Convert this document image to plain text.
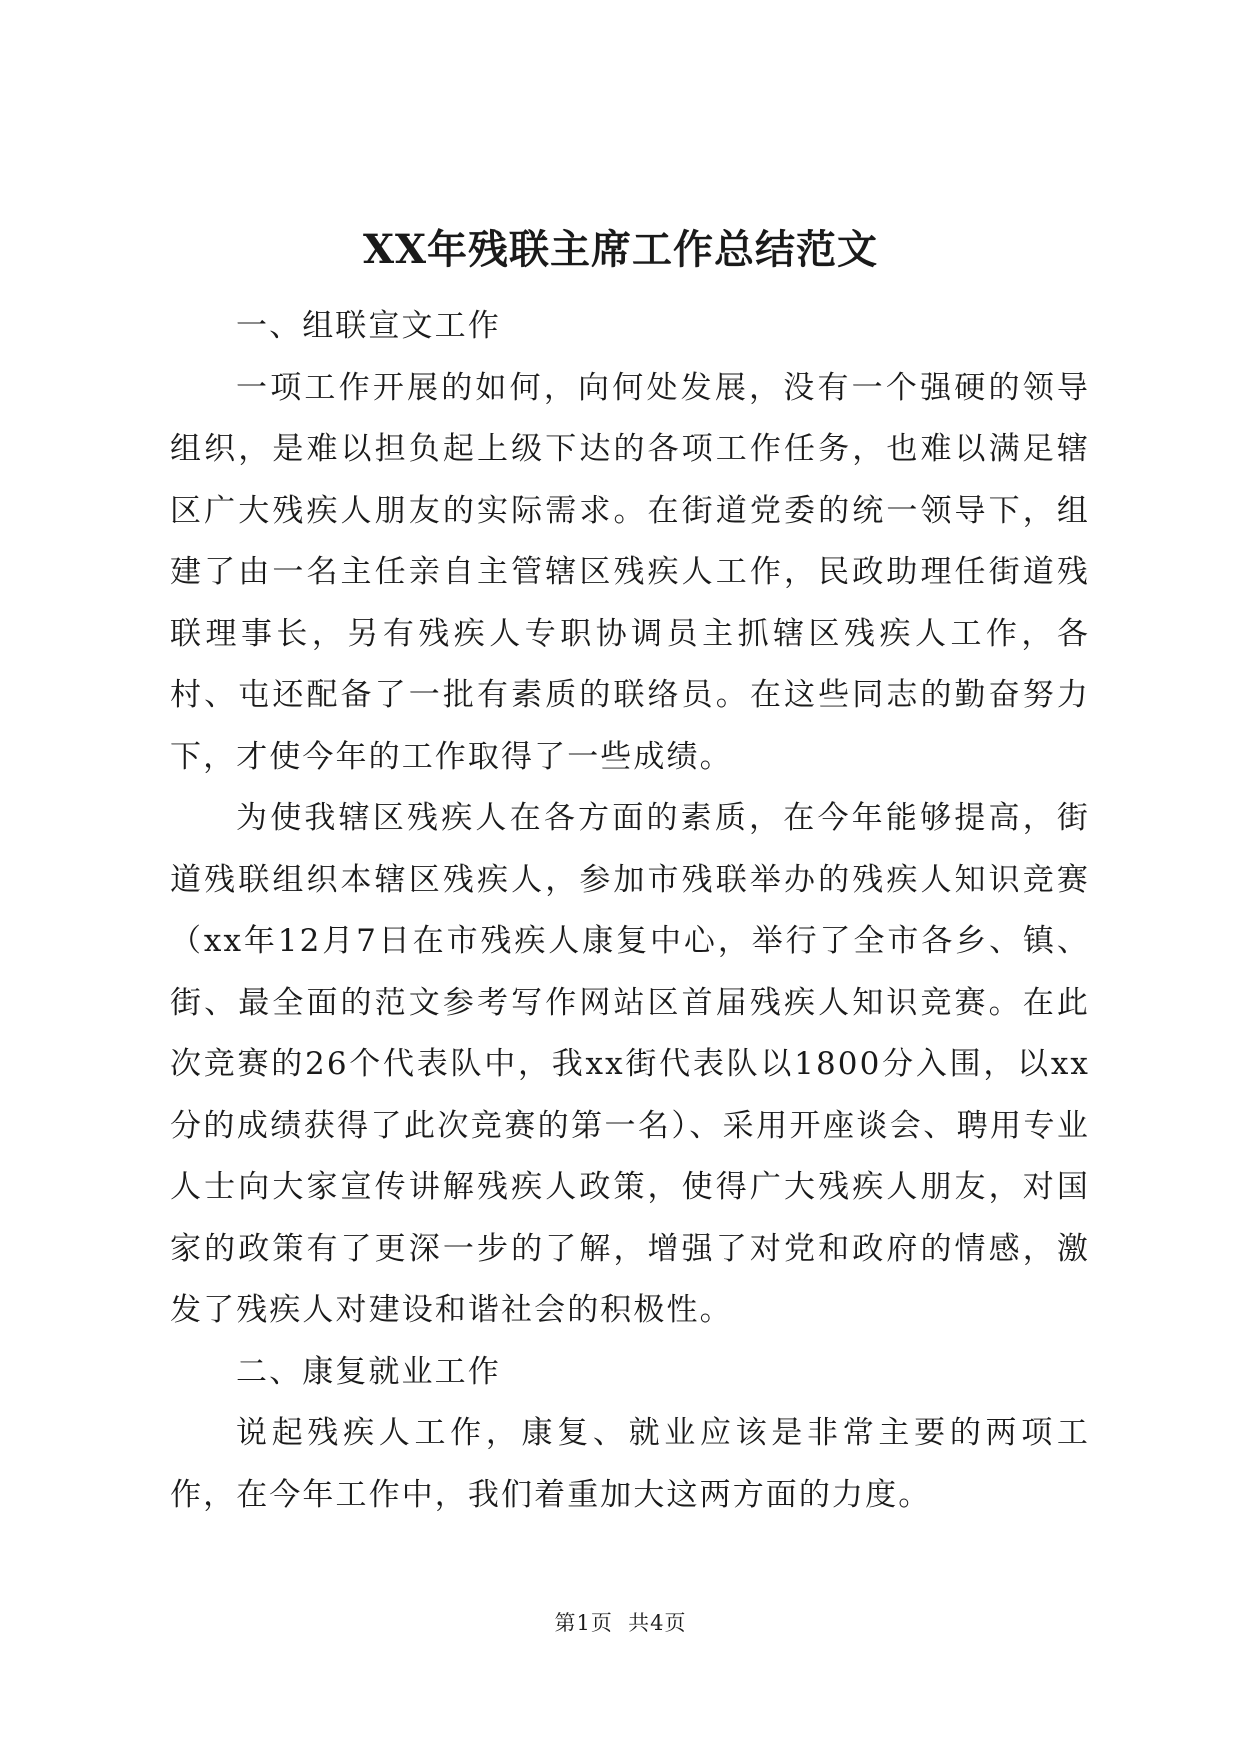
XX年残联主席工作总结范文

一、组联宣文工作

一项工作开展的如何，向何处发展，没有一个强硬的领导组织，是难以担负起上级下达的各项工作任务，也难以满足辖区广大残疾人朋友的实际需求。在街道党委的统一领导下，组建了由一名主任亲自主管辖区残疾人工作，民政助理任街道残联理事长，另有残疾人专职协调员主抓辖区残疾人工作，各村、屯还配备了一批有素质的联络员。在这些同志的勤奋努力下，才使今年的工作取得了一些成绩。

为使我辖区残疾人在各方面的素质，在今年能够提高，街道残联组织本辖区残疾人，参加市残联举办的残疾人知识竞赛（xx年12月7日在市残疾人康复中心，举行了全市各乡、镇、街、最全面的范文参考写作网站区首届残疾人知识竞赛。在此次竞赛的26个代表队中，我xx街代表队以1800分入围，以xx分的成绩获得了此次竞赛的第一名）、采用开座谈会、聘用专业人士向大家宣传讲解残疾人政策，使得广大残疾人朋友，对国家的政策有了更深一步的了解，增强了对党和政府的情感，激发了残疾人对建设和谐社会的积极性。

二、康复就业工作

说起残疾人工作，康复、就业应该是非常主要的两项工作，在今年工作中，我们着重加大这两方面的力度。

第1页  共4页
